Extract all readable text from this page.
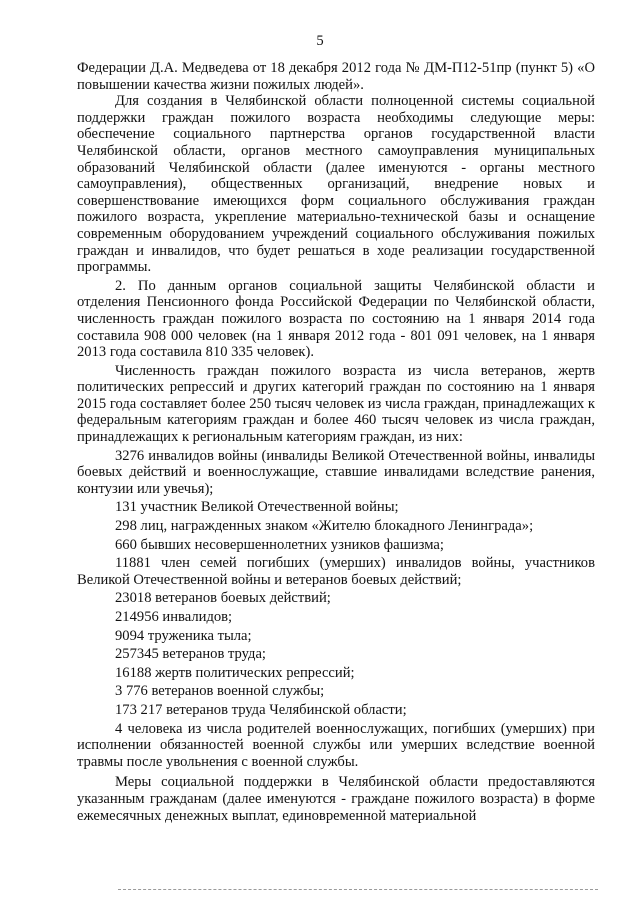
5

Федерации Д.А. Медведева от 18 декабря 2012 года № ДМ-П12-51пр (пункт 5) «О повышении качества жизни пожилых людей».

Для создания в Челябинской области полноценной системы социальной поддержки граждан пожилого возраста необходимы следующие меры: обеспечение социального партнерства органов государственной власти Челябинской области, органов местного самоуправления муниципальных образований Челябинской области (далее именуются - органы местного самоуправления), общественных организаций, внедрение новых и совершенствование имеющихся форм социального обслуживания граждан пожилого возраста, укрепление материально-технической базы и оснащение современным оборудованием учреждений социального обслуживания пожилых граждан и инвалидов, что будет решаться в ходе реализации государственной программы.

2. По данным органов социальной защиты Челябинской области и отделения Пенсионного фонда Российской Федерации по Челябинской области, численность граждан пожилого возраста по состоянию на 1 января 2014 года составила 908 000 человек (на 1 января 2012 года - 801 091 человек, на 1 января 2013 года составила 810 335 человек).

Численность граждан пожилого возраста из числа ветеранов, жертв политических репрессий и других категорий граждан по состоянию на 1 января 2015 года составляет более 250 тысяч человек из числа граждан, принадлежащих к федеральным категориям граждан и более 460 тысяч человек из числа граждан, принадлежащих к региональным категориям граждан, из них:

3276 инвалидов войны (инвалиды Великой Отечественной войны, инвалиды боевых действий и военнослужащие, ставшие инвалидами вследствие ранения, контузии или увечья);

131 участник Великой Отечественной войны;

298 лиц, награжденных знаком «Жителю блокадного Ленинграда»;

660 бывших несовершеннолетних узников фашизма;

11881 член семей погибших (умерших) инвалидов войны, участников Великой Отечественной войны и ветеранов боевых действий;

23018 ветеранов боевых действий;

214956 инвалидов;

9094 труженика тыла;

257345 ветеранов труда;

16188 жертв политических репрессий;

3 776 ветеранов военной службы;

173 217 ветеранов труда Челябинской области;

4 человека из числа родителей военнослужащих, погибших (умерших) при исполнении обязанностей военной службы или умерших вследствие военной травмы после увольнения с военной службы.

Меры социальной поддержки в Челябинской области предоставляются указанным гражданам (далее именуются - граждане пожилого возраста) в форме ежемесячных денежных выплат, единовременной материальной
